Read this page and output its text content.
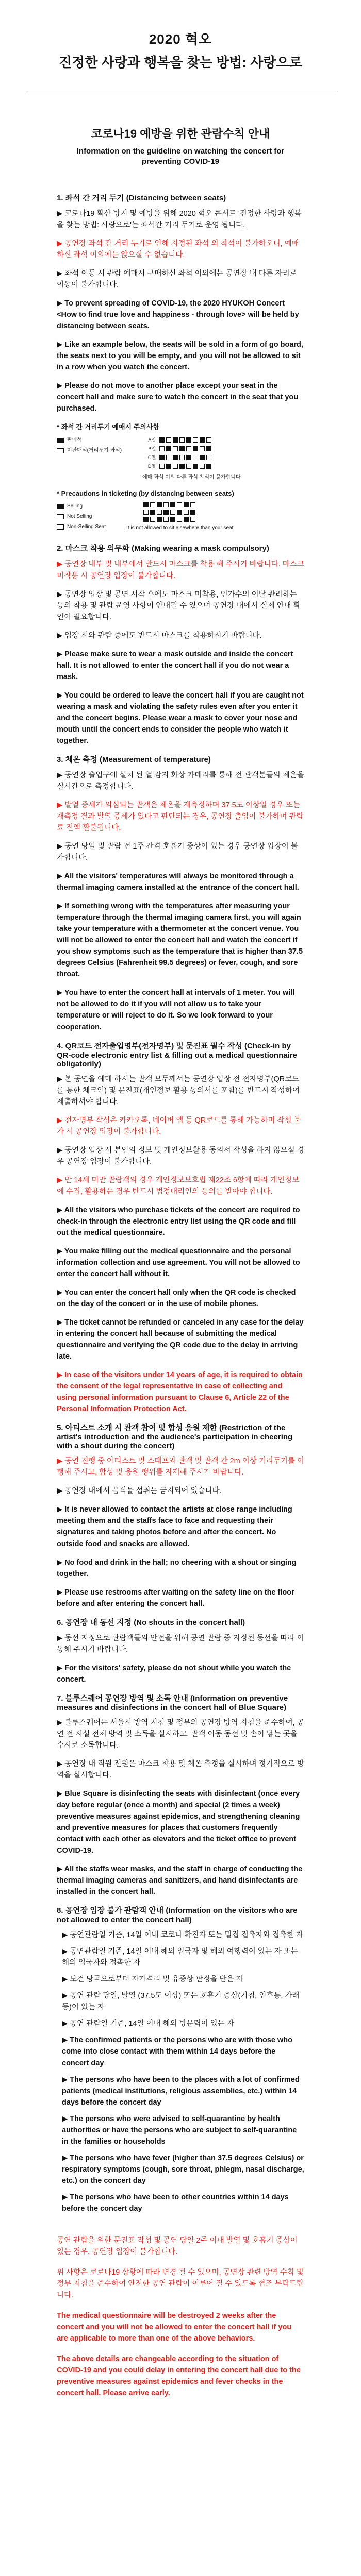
2020 혁오
진정한 사랑과 행복을 찾는 방법: 사랑으로
코로나19 예방을 위한 관람수칙 안내
Information on the guideline on watching the concert for preventing COVID-19
1. 좌석 간 거리 두기 (Distancing between seats)

▶ 코로나19 확산 방지 및 예방을 위해 2020 혁오 콘서트 '진정한 사랑과 행복을 찾는 방법: 사랑으로'는 좌석간 거리 두기로 운영 됩니다.

▶ 공연장 좌석 간 거리 두기로 인해 지정된 좌석 외 착석이 불가하오니, 예매하신 좌석 이외에는 앉으실 수 없습니다.

▶ 좌석 이동 시 관람 예매시 구매하신 좌석 이외에는 공연장 내 다른 자리로 이동이 불가합니다.

▶ To prevent spreading of COVID-19, the 2020 HYUKOH Concert <How to find true love and happiness - through love> will be held by distancing between seats.

▶ Like an example below, the seats will be sold in a form of go board, the seats next to you will be empty, and you will not be allowed to sit in a row when you watch the concert.

▶ Please do not move to another place except your seat in the concert hall and make sure to watch the concert in the seat that you purchased.

* 좌석 간 거리두기 예매시 주의사항
판매석
미판매석(거리두기 좌석)
A열
B열
C열
D열
예매 좌석 이외 다른 좌석 착석이 불가합니다
* Precautions in ticketing (by distancing between seats)
Selling
Not Selling
Non-Selling Seat

	It is not allowed to sit elsewhere than your seat
2. 마스크 착용 의무화 (Making wearing a mask compulsory)

▶ 공연장 내부 및 내부에서 반드시 마스크를 착용 해 주시기 바랍니다. 마스크 미착용 시 공연장 입장이 불가합니다.

▶ 공연장 입장 및 공연 시작 후에도 마스크 미착용, 인가수의 이탈 관리하는 등의 착용 및 관람 운영 사항이 안내될 수 있으며 공연장 내에서 실제 안내 확인이 필요합니다.

▶ 입장 시와 관람 중에도 반드시 마스크를 착용하시기 바랍니다.

▶ Please make sure to wear a mask outside and inside the concert hall. It is not allowed to enter the concert hall if you do not wear a mask.

▶ You could be ordered to leave the concert hall if you are caught not wearing a mask and violating the safety rules even after you enter it and the concert begins. Please wear a mask to cover your nose and mouth until the concert ends to consider the people who watch it together.

3. 체온 측정 (Measurement of temperature)

▶ 공연장 출입구에 설치 된 열 감지 화상 카메라를 통해 전 관객분들의 체온을 실시간으로 측정합니다.

▶ 발열 증세가 의심되는 관객은 체온을 재측정하며 37.5도 이상일 경우 또는 재측정 결과 발열 증세가 있다고 판단되는 경우, 공연장 출입이 불가하며 관람료 전액 환불됩니다.

▶ 공연 당일 및 관람 전 1주 간격 호흡기 증상이 있는 경우 공연장 입장이 불가합니다.

▶ All the visitors' temperatures will always be monitored through a thermal imaging camera installed at the entrance of the concert hall.

▶ If something wrong with the temperatures after measuring your temperature through the thermal imaging camera first, you will again take your temperature with a thermometer at the concert venue. You will not be allowed to enter the concert hall and watch the concert if you show symptoms such as the temperature that is higher than 37.5 degrees Celsius (Fahrenheit 99.5 degrees) or fever, cough, and sore throat.

▶ You have to enter the concert hall at intervals of 1 meter. You will not be allowed to do it if you will not allow us to take your temperature or will reject to do it. So we look forward to your cooperation.

4. QR코드 전자출입명부(전자명부) 및 문진표 필수 작성 (Check-in by QR-code electronic entry list & filling out a medical questionnaire obligatorily)

▶ 본 공연을 예매 하시는 관객 모두께서는 공연장 입장 전 전자명부(QR코드를 통한 체크인) 및 문진표(개인정보 활용 동의서를 포함)를 반드시 작성하여 제출하셔야 합니다.

▶ 전자명부 작성은 카카오톡, 네이버 앱 등 QR코드를 통해 가능하며 작성 불가 시 공연장 입장이 불가합니다.

▶ 공연장 입장 시 본인의 정보 및 개인정보활용 동의서 작성을 하지 않으실 경우 공연장 입장이 불가합니다.

▶ 만 14세 미만 관람객의 경우 개인정보보호법 제22조 6항에 따라 개인정보에 수집, 활용하는 경우 반드시 법정대리인의 동의를 받아야 합니다.

▶ All the visitors who purchase tickets of the concert are required to check-in through the electronic entry list using the QR code and fill out the medical questionnaire.

▶ You make filling out the medical questionnaire and the personal information collection and use agreement. You will not be allowed to enter the concert hall without it.

▶ You can enter the concert hall only when the QR code is checked on the day of the concert or in the use of mobile phones.

▶ The ticket cannot be refunded or canceled in any case for the delay in entering the concert hall because of submitting the medical questionnaire and verifying the QR code due to the delay in arriving late.

▶ In case of the visitors under 14 years of age, it is required to obtain the consent of the legal representative in case of collecting and using personal information pursuant to Clause 6, Article 22 of the Personal Information Protection Act.

5. 아티스트 소개 시 관객 참여 및 함성 응원 제한 (Restriction of the artist's introduction and the audience's participation in cheering with a shout during the concert)

▶ 공연 진행 중 아티스트 및 스태프와 관객 및 관객 간 2m 이상 거리두기를 이행해 주시고, 함성 및 응원 행위를 자제해 주시기 바랍니다.

▶ 공연장 내에서 음식물 섭취는 금지되어 있습니다.

▶ It is never allowed to contact the artists at close range including meeting them and the staffs face to face and requesting their signatures and taking photos before and after the concert. No outside food and snacks are allowed.

▶ No food and drink in the hall; no cheering with a shout or singing together.

▶ Please use restrooms after waiting on the safety line on the floor before and after entering the concert hall.

6. 공연장 내 동선 지정 (No shouts in the concert hall)

▶ 동선 지정으로 관람객들의 안전을 위해 공연 관람 중 지정된 동선을 따라 이동해 주시기 바랍니다.

▶ For the visitors' safety, please do not shout while you watch the concert.

7. 블루스퀘어 공연장 방역 및 소독 안내 (Information on preventive measures and disinfections in the concert hall of Blue Square)

▶ 블루스퀘어는 서울시 방역 지침 및 정부의 공연장 방역 지침을 준수하여, 공연 전 시설 전체 방역 및 소독을 실시하고, 관객 이동 동선 및 손이 닿는 곳을 수시로 소독합니다.

▶ 공연장 내 직원 전원은 마스크 착용 및 체온 측정을 실시하며 정기적으로 방역을 실시합니다.

▶ Blue Square is disinfecting the seats with disinfectant (once every day before regular (once a month) and special (2 times a week) preventive measures against epidemics, and strengthening cleaning and preventive measures for places that customers frequently contact with each other as elevators and the ticket office to prevent COVID-19.

▶ All the staffs wear masks, and the staff in charge of conducting the thermal imaging cameras and sanitizers, and hand disinfectants are installed in the concert hall.

8. 공연장 입장 불가 관람객 안내 (Information on the visitors who are not allowed to enter the concert hall)

▶ 공연관람일 기준, 14일 이내 코로나 확진자 또는 밀접 접촉자와 접촉한 자

▶ 공연관람일 기준, 14일 이내 해외 입국자 및 해외 여행력이 있는 자 또는 해외 입국자와 접촉한 자

▶ 보건 당국으로부터 자가격리 및 유증상 판정을 받은 자

▶ 공연 관람 당일, 발열 (37.5도 이상) 또는 호흡기 증상(기침, 인후통, 가래 등)이 있는 자

▶ 공연 관람일 기준, 14일 이내 해외 방문력이 있는 자

▶ The confirmed patients or the persons who are with those who come into close contact with them within 14 days before the concert day

▶ The persons who have been to the places with a lot of confirmed patients (medical institutions, religious assemblies, etc.) within 14 days before the concert day

▶ The persons who were advised to self-quarantine by health authorities or have the persons who are subject to self-quarantine in the families or households

▶ The persons who have fever (higher than 37.5 degrees Celsius) or respiratory symptoms (cough, sore throat, phlegm, nasal discharge, etc.) on the concert day

▶ The persons who have been to other countries within 14 days before the concert day

공연 관람을 위한 문진표 작성 및 공연 당일 2주 이내 발열 및 호흡기 증상이 있는 경우, 공연장 입장이 불가합니다.

위 사항은 코로나19 상황에 따라 변경 될 수 있으며, 공연장 관련 방역 수칙 및 정부 지침을 준수하여 안전한 공연 관람이 이루어 질 수 있도록 협조 부탁드립니다.

The medical questionnaire will be destroyed 2 weeks after the concert and you will not be allowed to enter the concert hall if you are applicable to more than one of the above behaviors.

The above details are changeable according to the situation of COVID-19 and you could delay in entering the concert hall due to the preventive measures against epidemics and fever checks in the concert hall. Please arrive early.
